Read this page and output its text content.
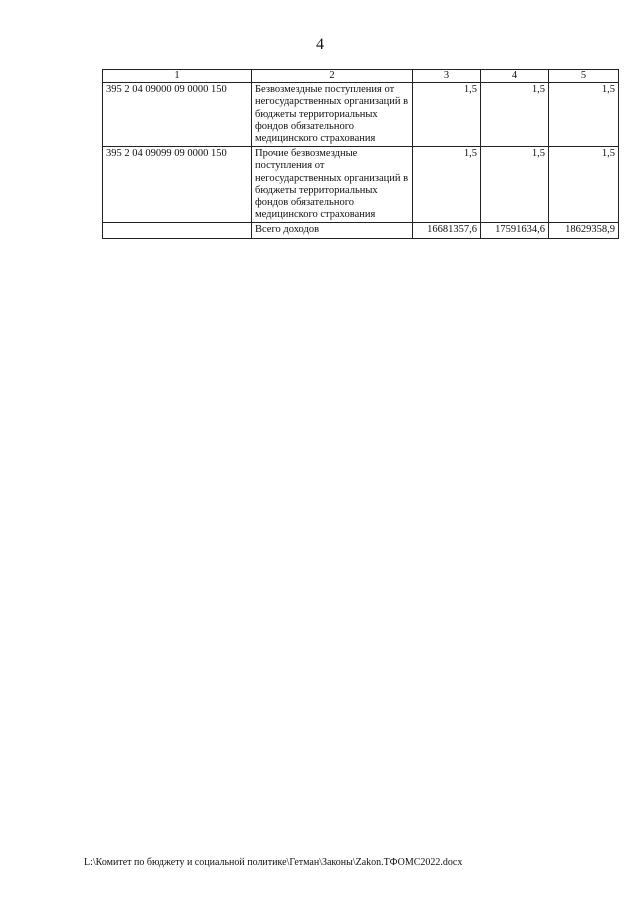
4
1	2	3	4	5
395 2 04 09000 09 0000 150	Безвозмездные поступления от негосударственных организаций в бюджеты территориальных фондов обязательного медицинского страхования	1,5	1,5	1,5
395 2 04 09099 09 0000 150	Прочие безвозмездные поступления от негосударственных организаций в бюджеты территориальных фондов обязательного медицинского страхования	1,5	1,5	1,5
	Всего доходов	16681357,6	17591634,6	18629358,9
L:\Комитет по бюджету и социальной политике\Гетман\Законы\Zakon.ТФОМС2022.docx
